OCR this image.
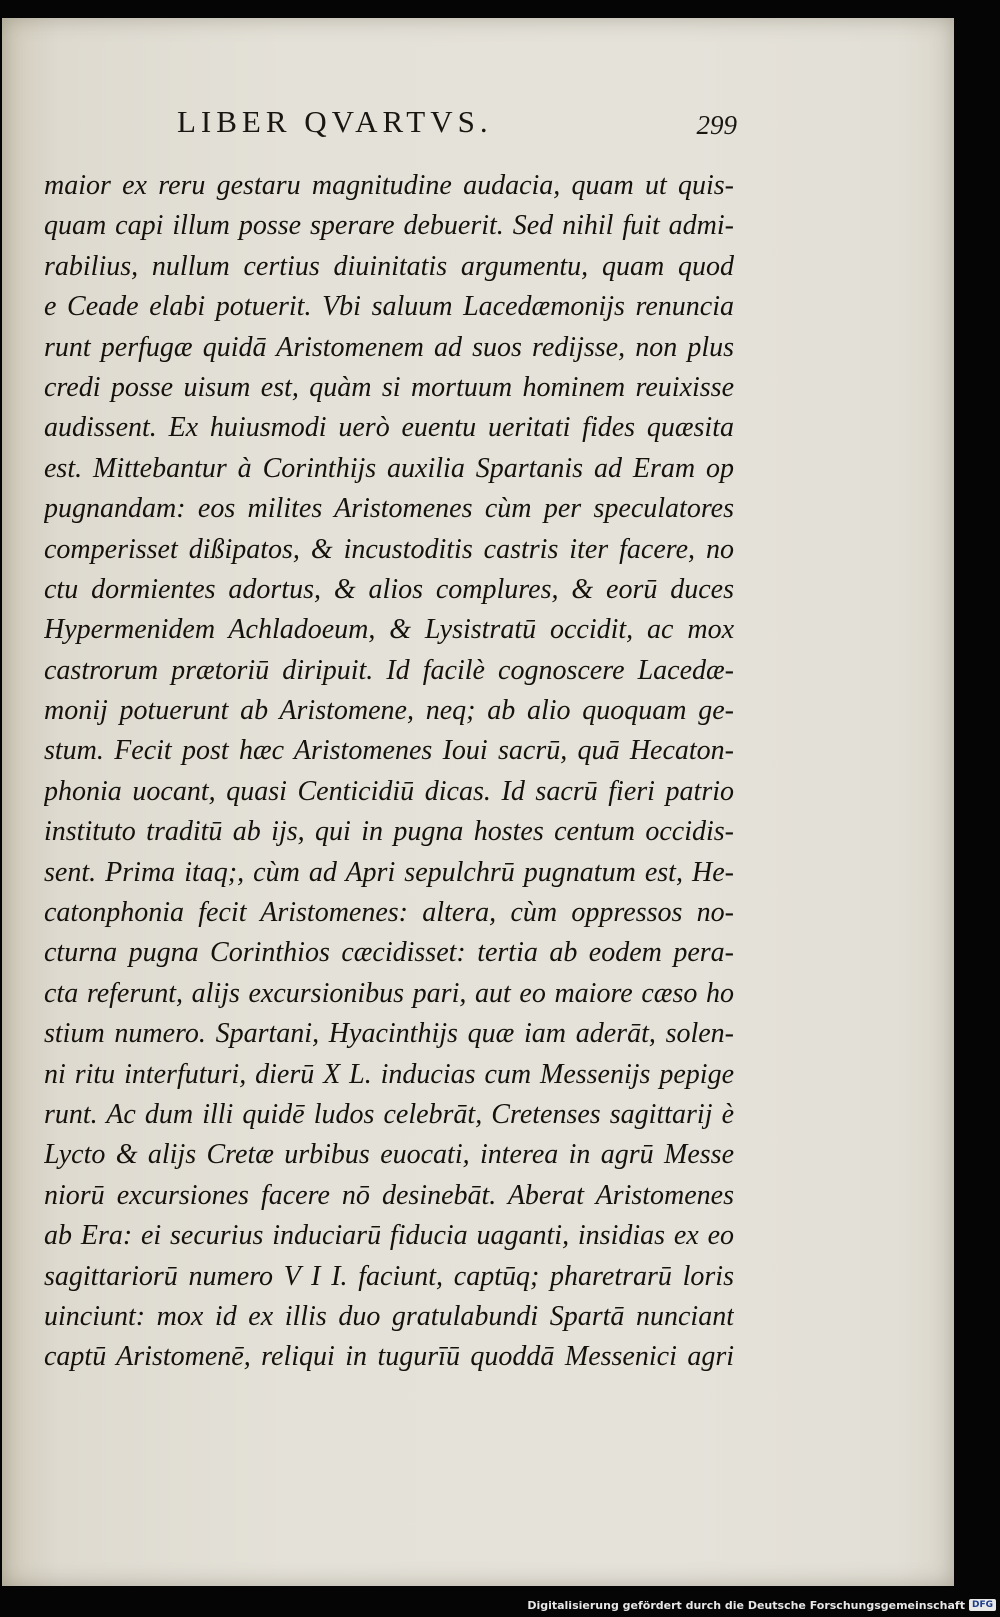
LIBER QVARTVS.	299
maior ex reru gestaru magnitudine audacia, quam ut quis-
quam capi illum posse sperare debuerit. Sed nihil fuit admi-
rabilius, nullum certius diuinitatis argumentu, quam quod
e Ceade elabi potuerit. Vbi saluum Lacedæmonijs renuncia
runt perfugæ quidā Aristomenem ad suos redijsse, non plus
credi posse uisum est, quàm si mortuum hominem reuixisse
audissent. Ex huiusmodi uerò euentu ueritati fides quæsita
est. Mittebantur à Corinthijs auxilia Spartanis ad Eram op
pugnandam: eos milites Aristomenes cùm per speculatores
comperisset dißipatos, & incustoditis castris iter facere, no
ctu dormientes adortus, & alios complures, & eorū duces
Hypermenidem Achladoeum, & Lysistratū occidit, ac mox
castrorum prætoriū diripuit. Id facilè cognoscere Lacedæ-
monij potuerunt ab Aristomene, neq; ab alio quoquam ge-
stum. Fecit post hæc Aristomenes Ioui sacrū, quā Hecaton-
phonia uocant, quasi Centicidiū dicas. Id sacrū fieri patrio
instituto traditū ab ijs, qui in pugna hostes centum occidis-
sent. Prima itaq;, cùm ad Apri sepulchrū pugnatum est, He-
catonphonia fecit Aristomenes: altera, cùm oppressos no-
cturna pugna Corinthios cæcidisset: tertia ab eodem pera-
cta referunt, alijs excursionibus pari, aut eo maiore cæso ho
stium numero. Spartani, Hyacinthijs quæ iam aderāt, solen-
ni ritu interfuturi, dierū X L. inducias cum Messenijs pepige
runt. Ac dum illi quidē ludos celebrāt, Cretenses sagittarij è
Lycto & alijs Cretæ urbibus euocati, interea in agrū Messe
niorū excursiones facere nō desinebāt. Aberat Aristomenes
ab Era: ei securius induciarū fiducia uaganti, insidias ex eo
sagittariorū numero V I I. faciunt, captūq; pharetrarū loris
uinciunt: mox id ex illis duo gratulabundi Spartā nunciant
captū Aristomenē, reliqui in tugurīū quoddā Messenici agri
Digitalisierung gefördert durch die Deutsche Forschungsgemeinschaft DFG
